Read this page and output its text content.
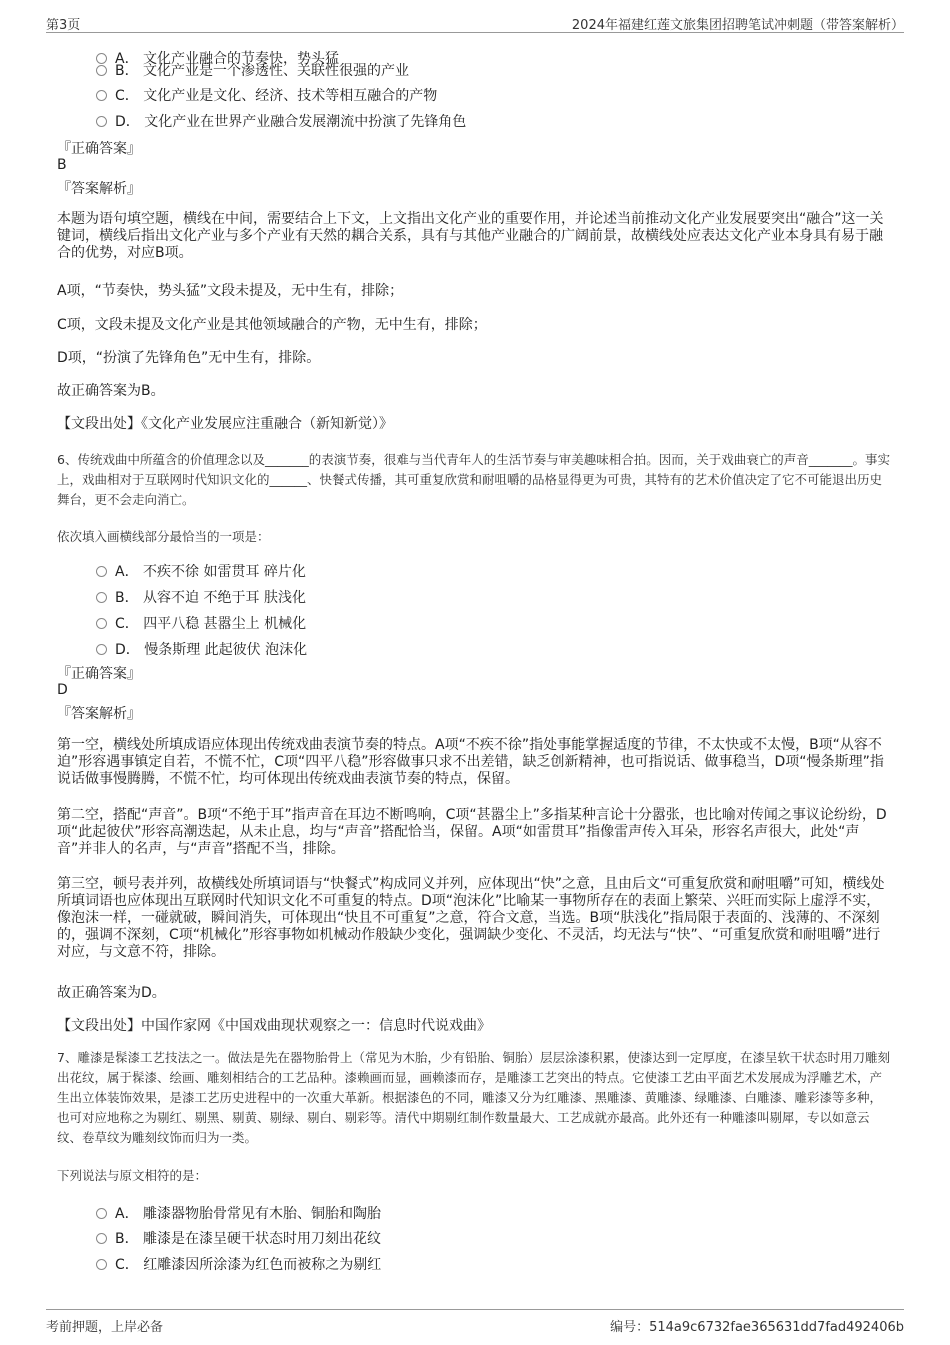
第3页	2024年福建红莲文旅集团招聘笔试冲刺题（带答案解析）
A． 文化产业融合的节奏快，势头猛
B． 文化产业是一个渗透性、关联性很强的产业
C． 文化产业是文化、经济、技术等相互融合的产物
D． 文化产业在世界产业融合发展潮流中扮演了先锋角色
『正确答案』
B
『答案解析』
本题为语句填空题，横线在中间，需要结合上下文，上文指出文化产业的重要作用，并论述当前推动文化产业发展要突出“融合”这一关键词，横线后指出文化产业与多个产业有天然的耦合关系，具有与其他产业融合的广阔前景，故横线处应表达文化产业本身具有易于融合的优势，对应B项。
A项，“节奏快，势头猛”文段未提及，无中生有，排除；
C项，文段未提及文化产业是其他领域融合的产物，无中生有，排除；
D项，“扮演了先锋角色”无中生有，排除。
故正确答案为B。
【文段出处】《文化产业发展应注重融合（新知新觉）》
6、传统戏曲中所蕴含的价值理念以及_______的表演节奏，很难与当代青年人的生活节奏与审美趣味相合拍。因而，关于戏曲衰亡的声音_______。事实上，戏曲相对于互联网时代知识文化的______、快餐式传播，其可重复欣赏和耐咀嚼的品格显得更为可贵，其特有的艺术价值决定了它不可能退出历史舞台，更不会走向消亡。
依次填入画横线部分最恰当的一项是：
A． 不疾不徐 如雷贯耳 碎片化
B． 从容不迫 不绝于耳 肤浅化
C． 四平八稳 甚嚣尘上 机械化
D． 慢条斯理 此起彼伏 泡沫化
『正确答案』
D
『答案解析』
第一空，横线处所填成语应体现出传统戏曲表演节奏的特点。A项“不疾不徐”指处事能掌握适度的节律，不太快或不太慢，B项“从容不迫”形容遇事镇定自若，不慌不忙，C项“四平八稳”形容做事只求不出差错，缺乏创新精神，也可指说话、做事稳当，D项“慢条斯理”指说话做事慢腾腾，不慌不忙，均可体现出传统戏曲表演节奏的特点，保留。
第二空，搭配“声音”。B项“不绝于耳”指声音在耳边不断鸣响，C项“甚嚣尘上”多指某种言论十分嚣张，也比喻对传闻之事议论纷纷，D项“此起彼伏”形容高潮迭起，从未止息，均与“声音”搭配恰当，保留。A项“如雷贯耳”指像雷声传入耳朵，形容名声很大，此处“声音”并非人的名声，与“声音”搭配不当，排除。
第三空，顿号表并列，故横线处所填词语与“快餐式”构成同义并列，应体现出“快”之意，且由后文“可重复欣赏和耐咀嚼”可知，横线处所填词语也应体现出互联网时代知识文化不可重复的特点。D项“泡沫化”比喻某一事物所存在的表面上繁荣、兴旺而实际上虚浮不实，像泡沫一样，一碰就破，瞬间消失，可体现出“快且不可重复”之意，符合文意，当选。B项“肤浅化”指局限于表面的、浅薄的、不深刻的，强调不深刻，C项“机械化”形容事物如机械动作般缺少变化，强调缺少变化、不灵活，均无法与“快”、“可重复欣赏和耐咀嚼”进行对应，与文意不符，排除。
故正确答案为D。
【文段出处】中国作家网《中国戏曲现状观察之一：信息时代说戏曲》
7、雕漆是髹漆工艺技法之一。做法是先在器物胎骨上（常见为木胎，少有铅胎、铜胎）层层涂漆积累，使漆达到一定厚度，在漆呈软干状态时用刀雕刻出花纹，属于髹漆、绘画、雕刻相结合的工艺品种。漆赖画而显，画赖漆而存，是雕漆工艺突出的特点。它使漆工艺由平面艺术发展成为浮雕艺术，产生出立体装饰效果，是漆工艺历史进程中的一次重大革新。根据漆色的不同，雕漆又分为红雕漆、黑雕漆、黄雕漆、绿雕漆、白雕漆、雕彩漆等多种，也可对应地称之为剔红、剔黑、剔黄、剔绿、剔白、剔彩等。清代中期剔红制作数量最大、工艺成就亦最高。此外还有一种雕漆叫剔犀，专以如意云纹、卷草纹为雕刻纹饰而归为一类。
下列说法与原文相符的是：
A． 雕漆器物胎骨常见有木胎、铜胎和陶胎
B． 雕漆是在漆呈硬干状态时用刀刻出花纹
C． 红雕漆因所涂漆为红色而被称之为剔红
考前押题，上岸必备	编号：514a9c6732fae365631dd7fad492406b
